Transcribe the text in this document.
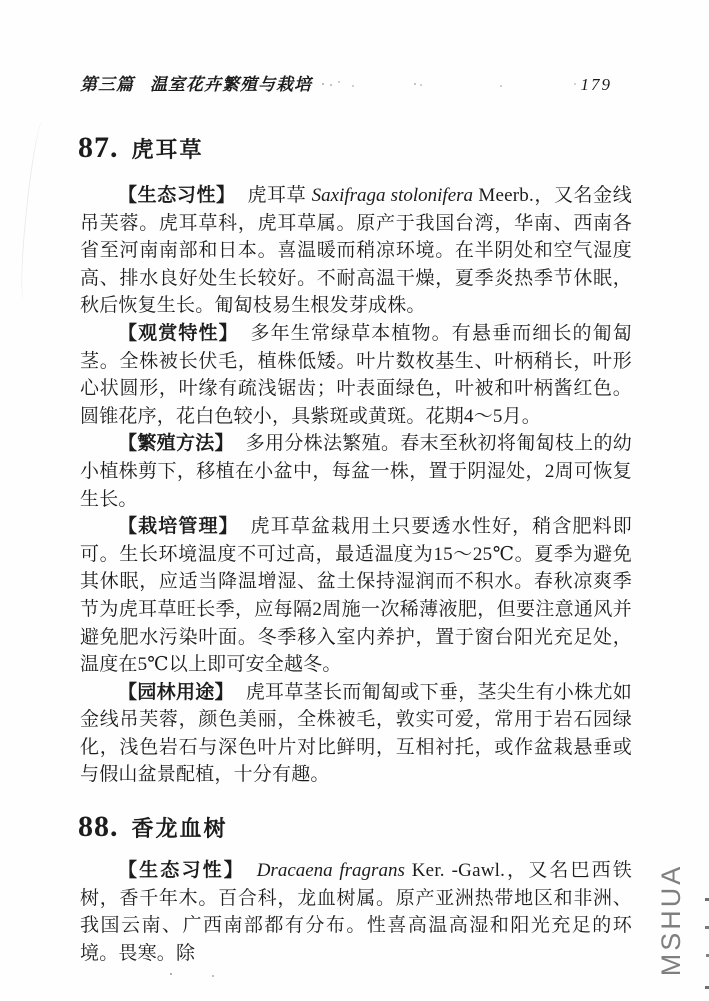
第三篇 温室花卉繁殖与栽培	179
87. 虎耳草

【生态习性】 虎耳草 Saxifraga stolonifera Meerb.，又名金线吊芙蓉。虎耳草科，虎耳草属。原产于我国台湾，华南、西南各省至河南南部和日本。喜温暖而稍凉环境。在半阴处和空气湿度高、排水良好处生长较好。不耐高温干燥，夏季炎热季节休眠，秋后恢复生长。匍匐枝易生根发芽成株。

【观赏特性】 多年生常绿草本植物。有悬垂而细长的匍匐茎。全株被长伏毛，植株低矮。叶片数枚基生、叶柄稍长，叶形心状圆形，叶缘有疏浅锯齿；叶表面绿色，叶被和叶柄酱红色。圆锥花序，花白色较小，具紫斑或黄斑。花期4～5月。

【繁殖方法】 多用分株法繁殖。春末至秋初将匍匐枝上的幼小植株剪下，移植在小盆中，每盆一株，置于阴湿处，2周可恢复生长。

【栽培管理】 虎耳草盆栽用土只要透水性好，稍含肥料即可。生长环境温度不可过高，最适温度为15～25℃。夏季为避免其休眠，应适当降温增湿、盆土保持湿润而不积水。春秋凉爽季节为虎耳草旺长季，应每隔2周施一次稀薄液肥，但要注意通风并避免肥水污染叶面。冬季移入室内养护，置于窗台阳光充足处，温度在5℃以上即可安全越冬。

【园林用途】 虎耳草茎长而匍匐或下垂，茎尖生有小株尤如金线吊芙蓉，颜色美丽，全株被毛，敦实可爱，常用于岩石园绿化，浅色岩石与深色叶片对比鲜明，互相衬托，或作盆栽悬垂或与假山盆景配植，十分有趣。

88. 香龙血树

【生态习性】 Dracaena fragrans Ker. -Gawl.，又名巴西铁树，香千年木。百合科，龙血树属。原产亚洲热带地区和非洲、我国云南、广西南部都有分布。性喜高温高湿和阳光充足的环境。畏寒。除	MSHUA
